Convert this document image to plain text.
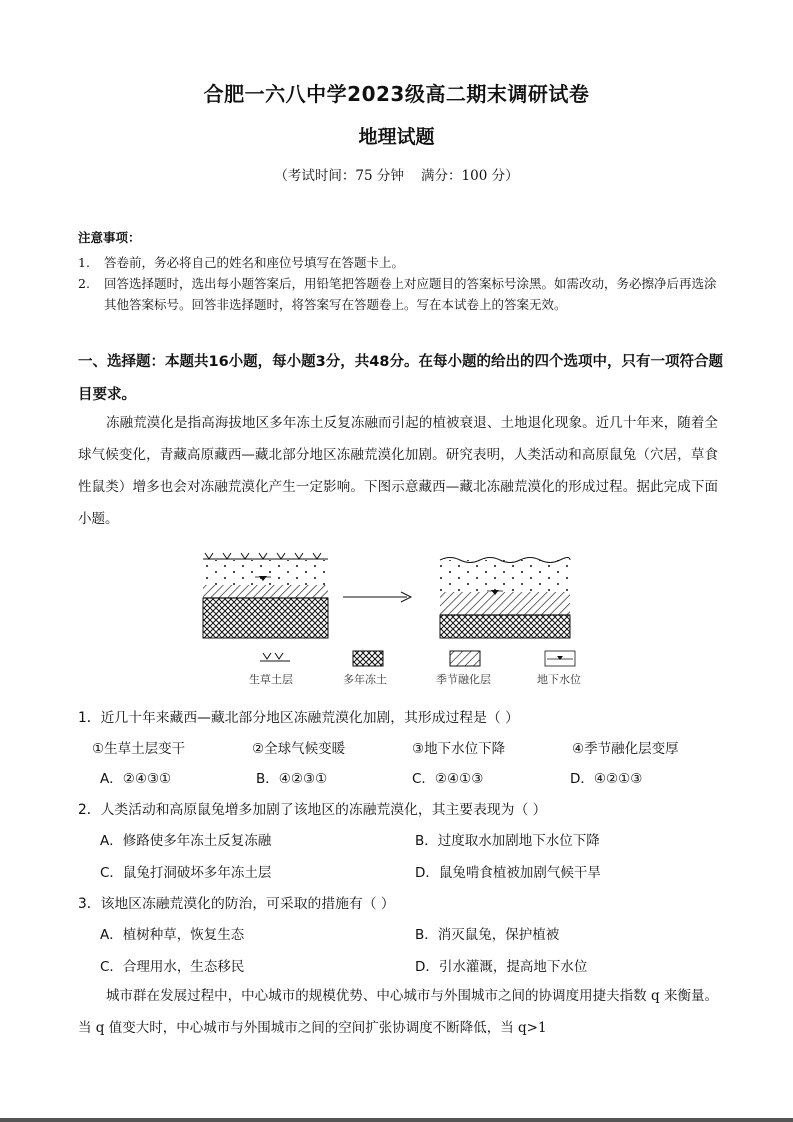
合肥一六八中学2023级高二期末调研试卷
地理试题
（考试时间：75 分钟    满分：100 分）
注意事项：
1. 答卷前，务必将自己的姓名和座位号填写在答题卡上。
2. 回答选择题时，选出每小题答案后，用铅笔把答题卷上对应题目的答案标号涂黑。如需改动，务必擦净后再选涂其他答案标号。回答非选择题时，将答案写在答题卷上。写在本试卷上的答案无效。
一、选择题：本题共16小题，每小题3分，共48分。在每小题的给出的四个选项中，只有一项符合题目要求。
冻融荒漠化是指高海拔地区多年冻土反复冻融而引起的植被衰退、土地退化现象。近几十年来，随着全球气候变化，青藏高原藏西—藏北部分地区冻融荒漠化加剧。研究表明，人类活动和高原鼠兔（穴居，草食性鼠类）增多也会对冻融荒漠化产生一定影响。下图示意藏西—藏北冻融荒漠化的形成过程。据此完成下面小题。
生草土层	多年冻土	季节融化层	地下水位
1．近几十年来藏西—藏北部分地区冻融荒漠化加剧，其形成过程是（ ）
①生草土层变干	②全球气候变暖	③地下水位下降	④季节融化层变厚
A．②④③①	B．④②③①	C．②④①③	D．④②①③
2．人类活动和高原鼠兔增多加剧了该地区的冻融荒漠化，其主要表现为（ ）
A．修路使多年冻土反复冻融	B．过度取水加剧地下水位下降
C．鼠兔打洞破坏多年冻土层	D．鼠兔啃食植被加剧气候干旱
3．该地区冻融荒漠化的防治，可采取的措施有（ ）
A．植树种草，恢复生态	B．消灭鼠兔，保护植被
C．合理用水，生态移民	D．引水灌溉，提高地下水位
城市群在发展过程中，中心城市的规模优势、中心城市与外围城市之间的协调度用捷夫指数 q 来衡量。当 q 值变大时，中心城市与外围城市之间的空间扩张协调度不断降低，当 q>1
